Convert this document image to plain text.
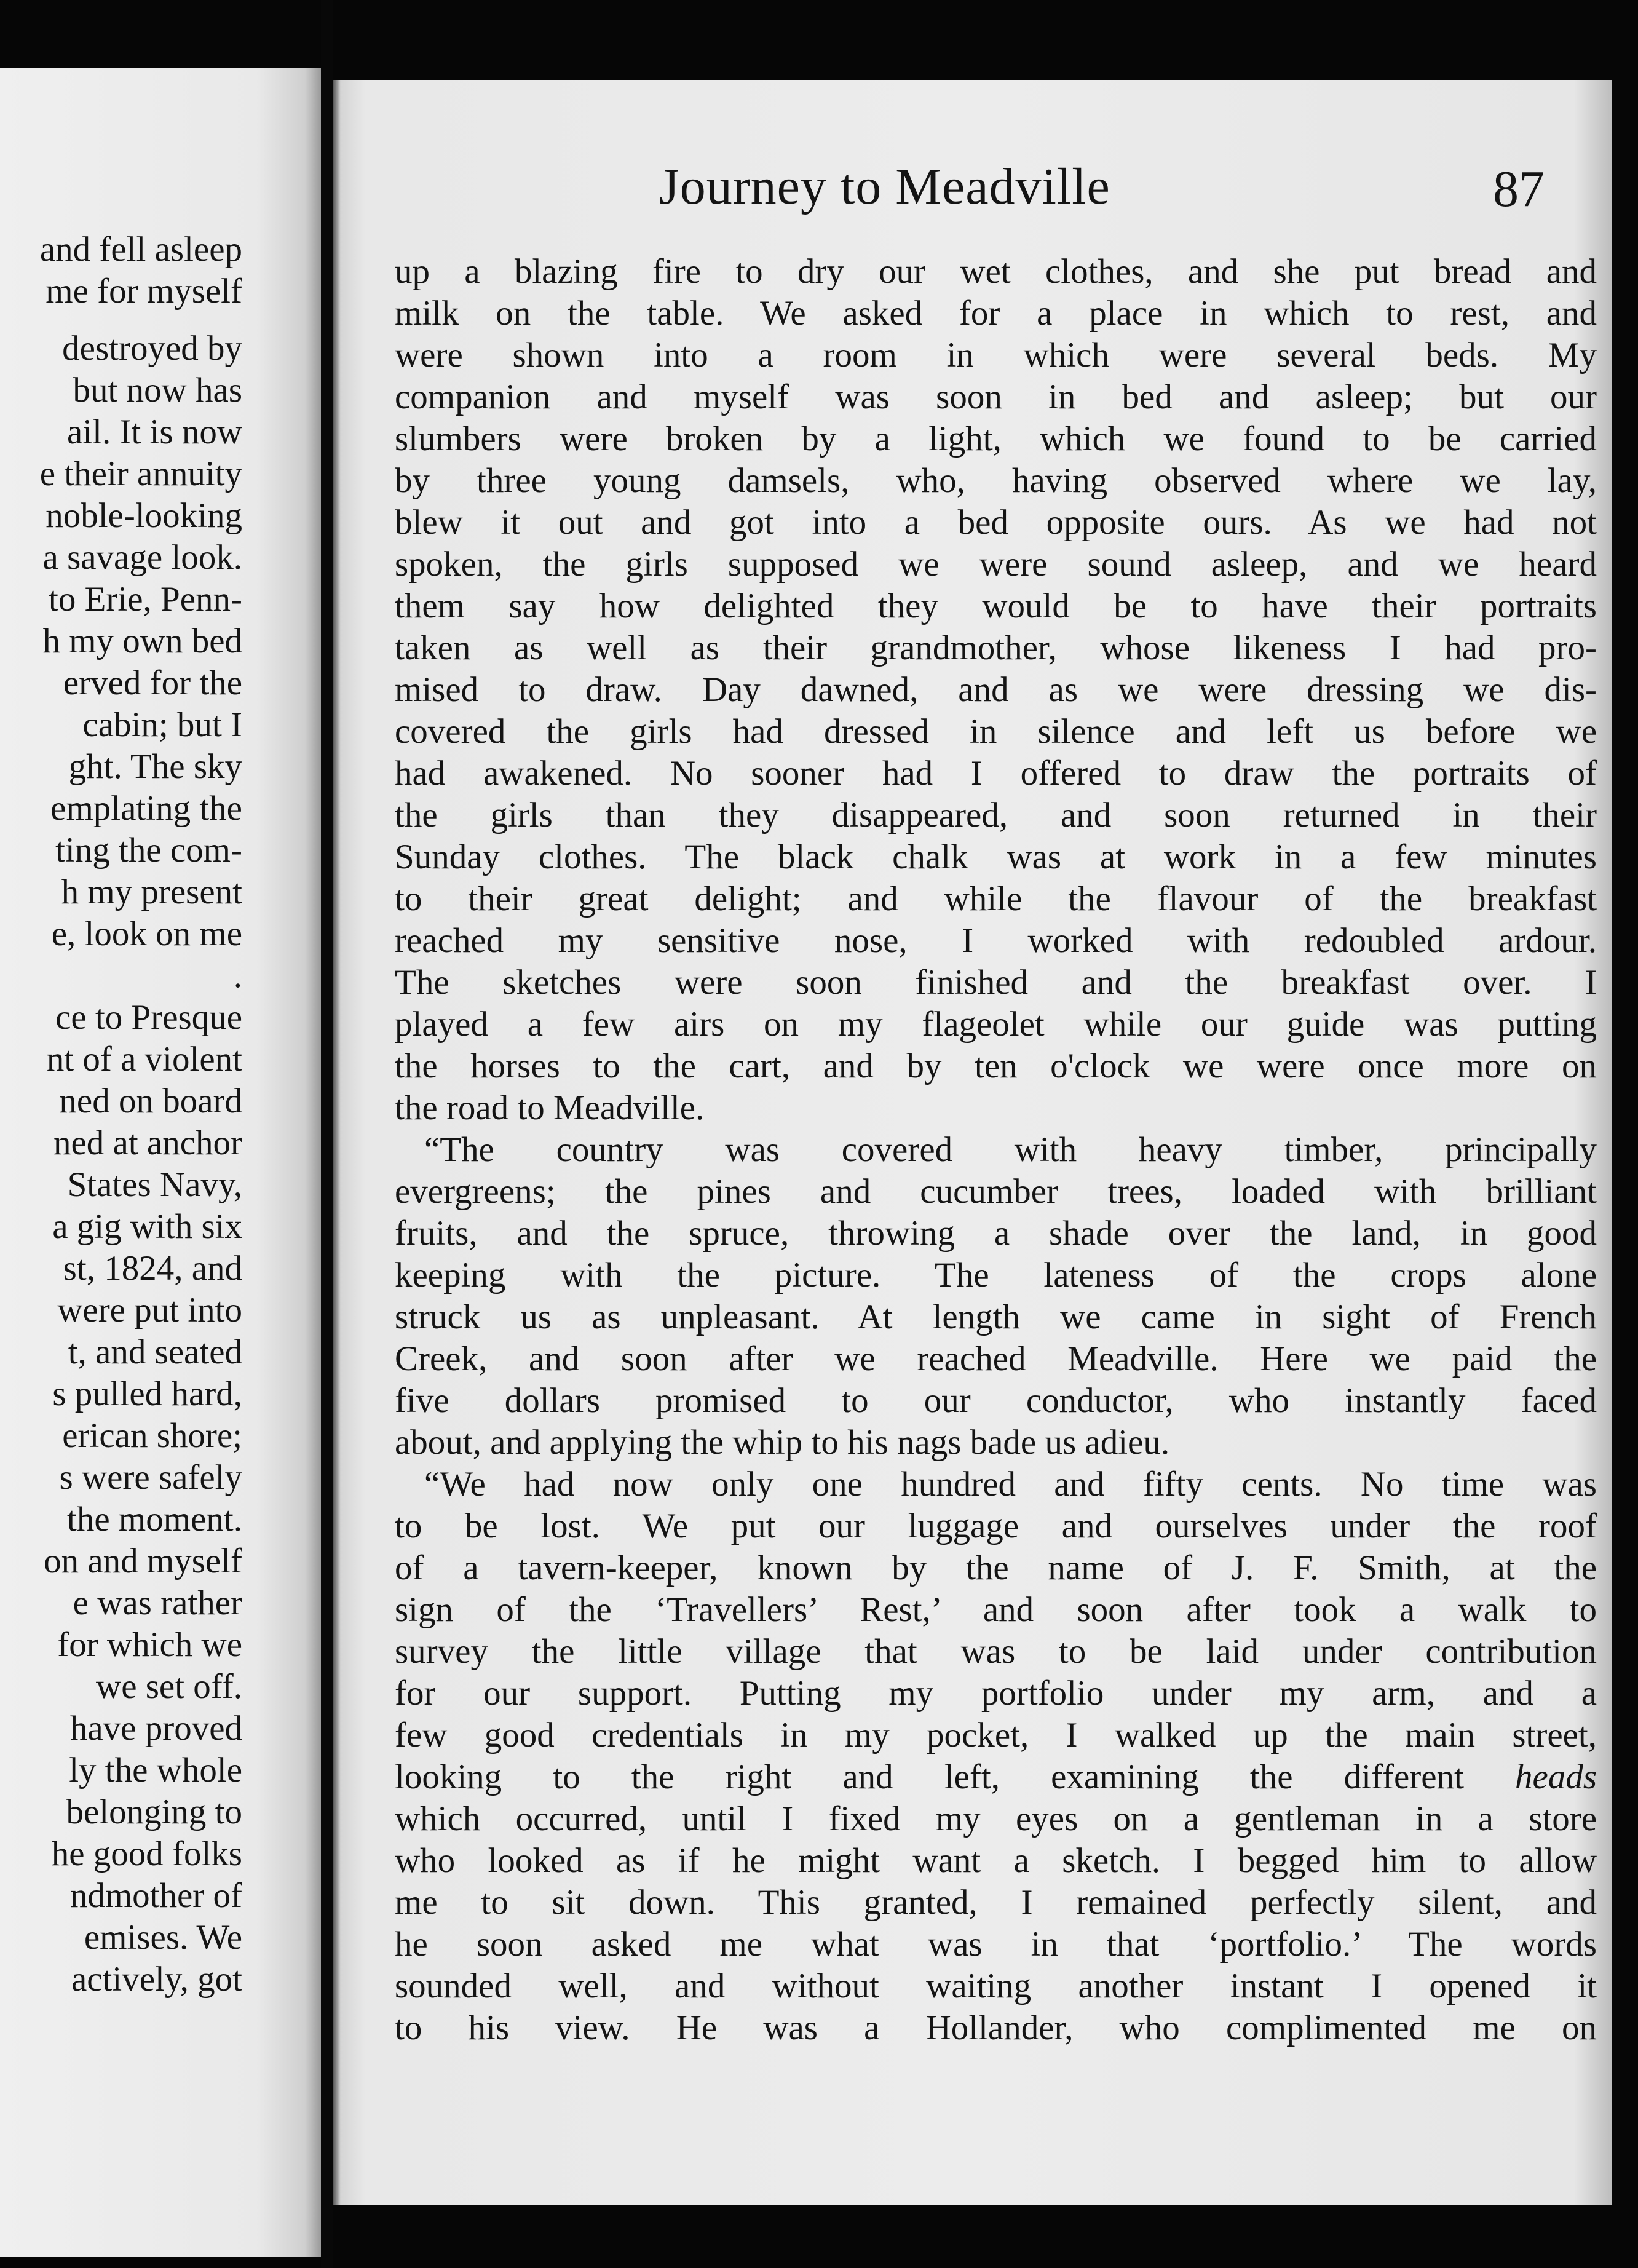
and fell asleep
me for myself
destroyed by
but now has
ail. It is now
e their annuity
noble-looking
a savage look.
to Erie, Penn-
h my own bed
erved for the
cabin; but I
ght. The sky
emplating the
ting the com-
h my present
e, look on me
.
ce to Presque
nt of a violent
ned on board
ned at anchor
States Navy,
a gig with six
st, 1824, and
were put into
t, and seated
s pulled hard,
erican shore;
s were safely
the moment.
on and myself
e was rather
for which we
we set off.
have proved
ly the whole
belonging to
he good folks
ndmother of
emises. We
actively, got
Journey to Meadville	87
up a blazing fire to dry our wet clothes, and she put bread and
milk on the table. We asked for a place in which to rest, and
were shown into a room in which were several beds. My
companion and myself was soon in bed and asleep; but our
slumbers were broken by a light, which we found to be carried
by three young damsels, who, having observed where we lay,
blew it out and got into a bed opposite ours. As we had not
spoken, the girls supposed we were sound asleep, and we heard
them say how delighted they would be to have their portraits
taken as well as their grandmother, whose likeness I had pro-
mised to draw. Day dawned, and as we were dressing we dis-
covered the girls had dressed in silence and left us before we
had awakened. No sooner had I offered to draw the portraits of
the girls than they disappeared, and soon returned in their
Sunday clothes. The black chalk was at work in a few minutes
to their great delight; and while the flavour of the breakfast
reached my sensitive nose, I worked with redoubled ardour.
The sketches were soon finished and the breakfast over. I
played a few airs on my flageolet while our guide was putting
the horses to the cart, and by ten o'clock we were once more on
the road to Meadville.
“The country was covered with heavy timber, principally
evergreens; the pines and cucumber trees, loaded with brilliant
fruits, and the spruce, throwing a shade over the land, in good
keeping with the picture. The lateness of the crops alone
struck us as unpleasant. At length we came in sight of French
Creek, and soon after we reached Meadville. Here we paid the
five dollars promised to our conductor, who instantly faced
about, and applying the whip to his nags bade us adieu.
“We had now only one hundred and fifty cents. No time was
to be lost. We put our luggage and ourselves under the roof
of a tavern-keeper, known by the name of J. F. Smith, at the
sign of the ‘Travellers’ Rest,’ and soon after took a walk to
survey the little village that was to be laid under contribution
for our support. Putting my portfolio under my arm, and a
few good credentials in my pocket, I walked up the main street,
looking to the right and left, examining the different heads
which occurred, until I fixed my eyes on a gentleman in a store
who looked as if he might want a sketch. I begged him to allow
me to sit down. This granted, I remained perfectly silent, and
he soon asked me what was in that ‘portfolio.’ The words
sounded well, and without waiting another instant I opened it
to his view. He was a Hollander, who complimented me on
